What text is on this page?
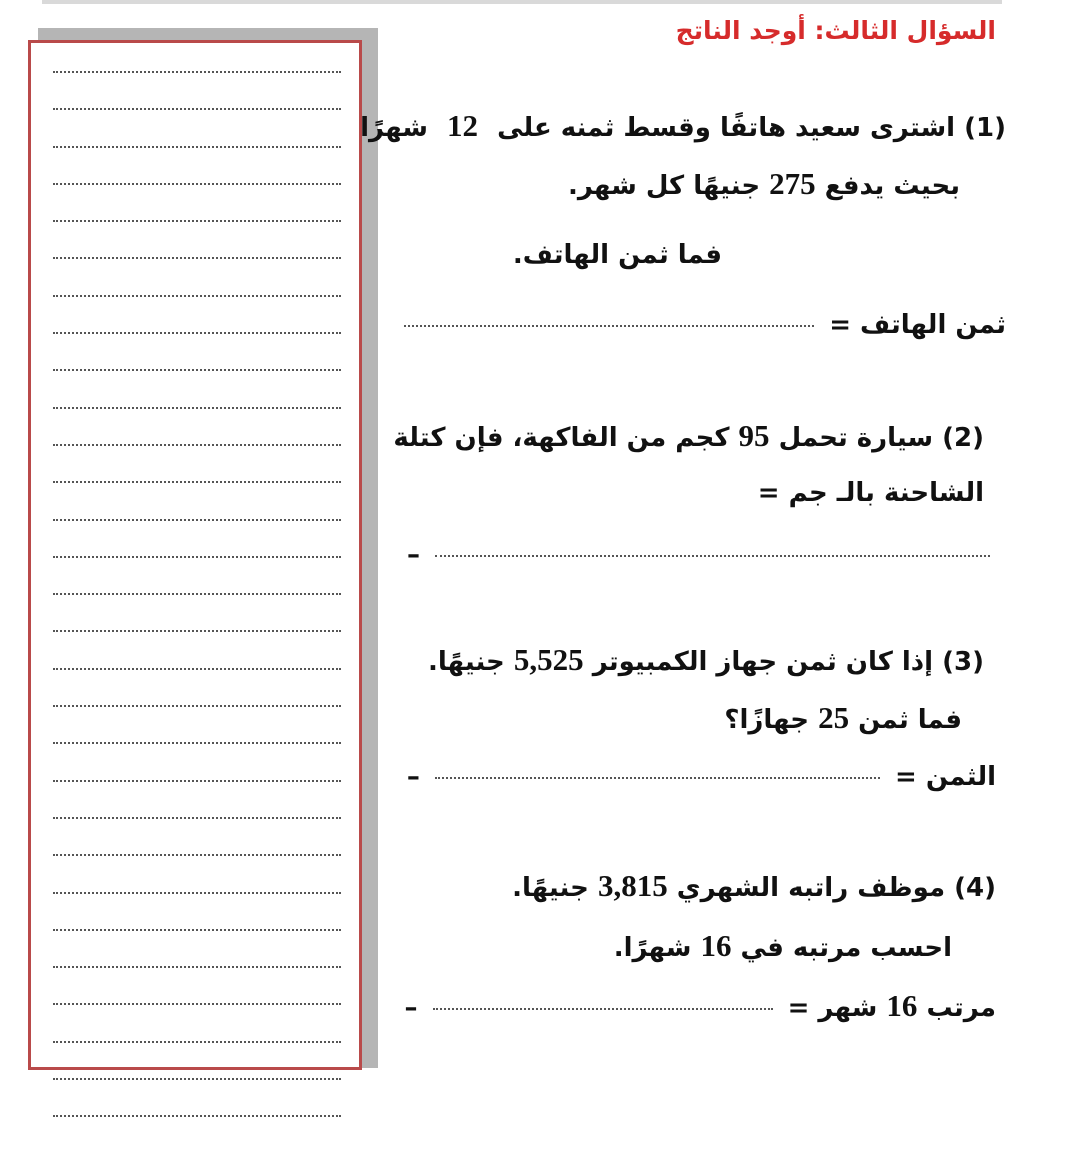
السؤال الثالث: أوجد الناتج
(1) اشترى سعيد هاتفًا وقسط ثمنه على 12 شهرًا
بحيث يدفع 275 جنيهًا كل شهر.
فما ثمن الهاتف.
ثمن الهاتف =
(2) سيارة تحمل 95 كجم من الفاكهة، فإن كتلة
الشاحنة بالـ جم =
–
(3) إذا كان ثمن جهاز الكمبيوتر 5,525 جنيهًا.
فما ثمن 25 جهازًا؟
الثمن =  –
(4) موظف راتبه الشهري 3,815 جنيهًا.
احسب مرتبه في 16 شهرًا.
مرتب 16 شهر =  –
